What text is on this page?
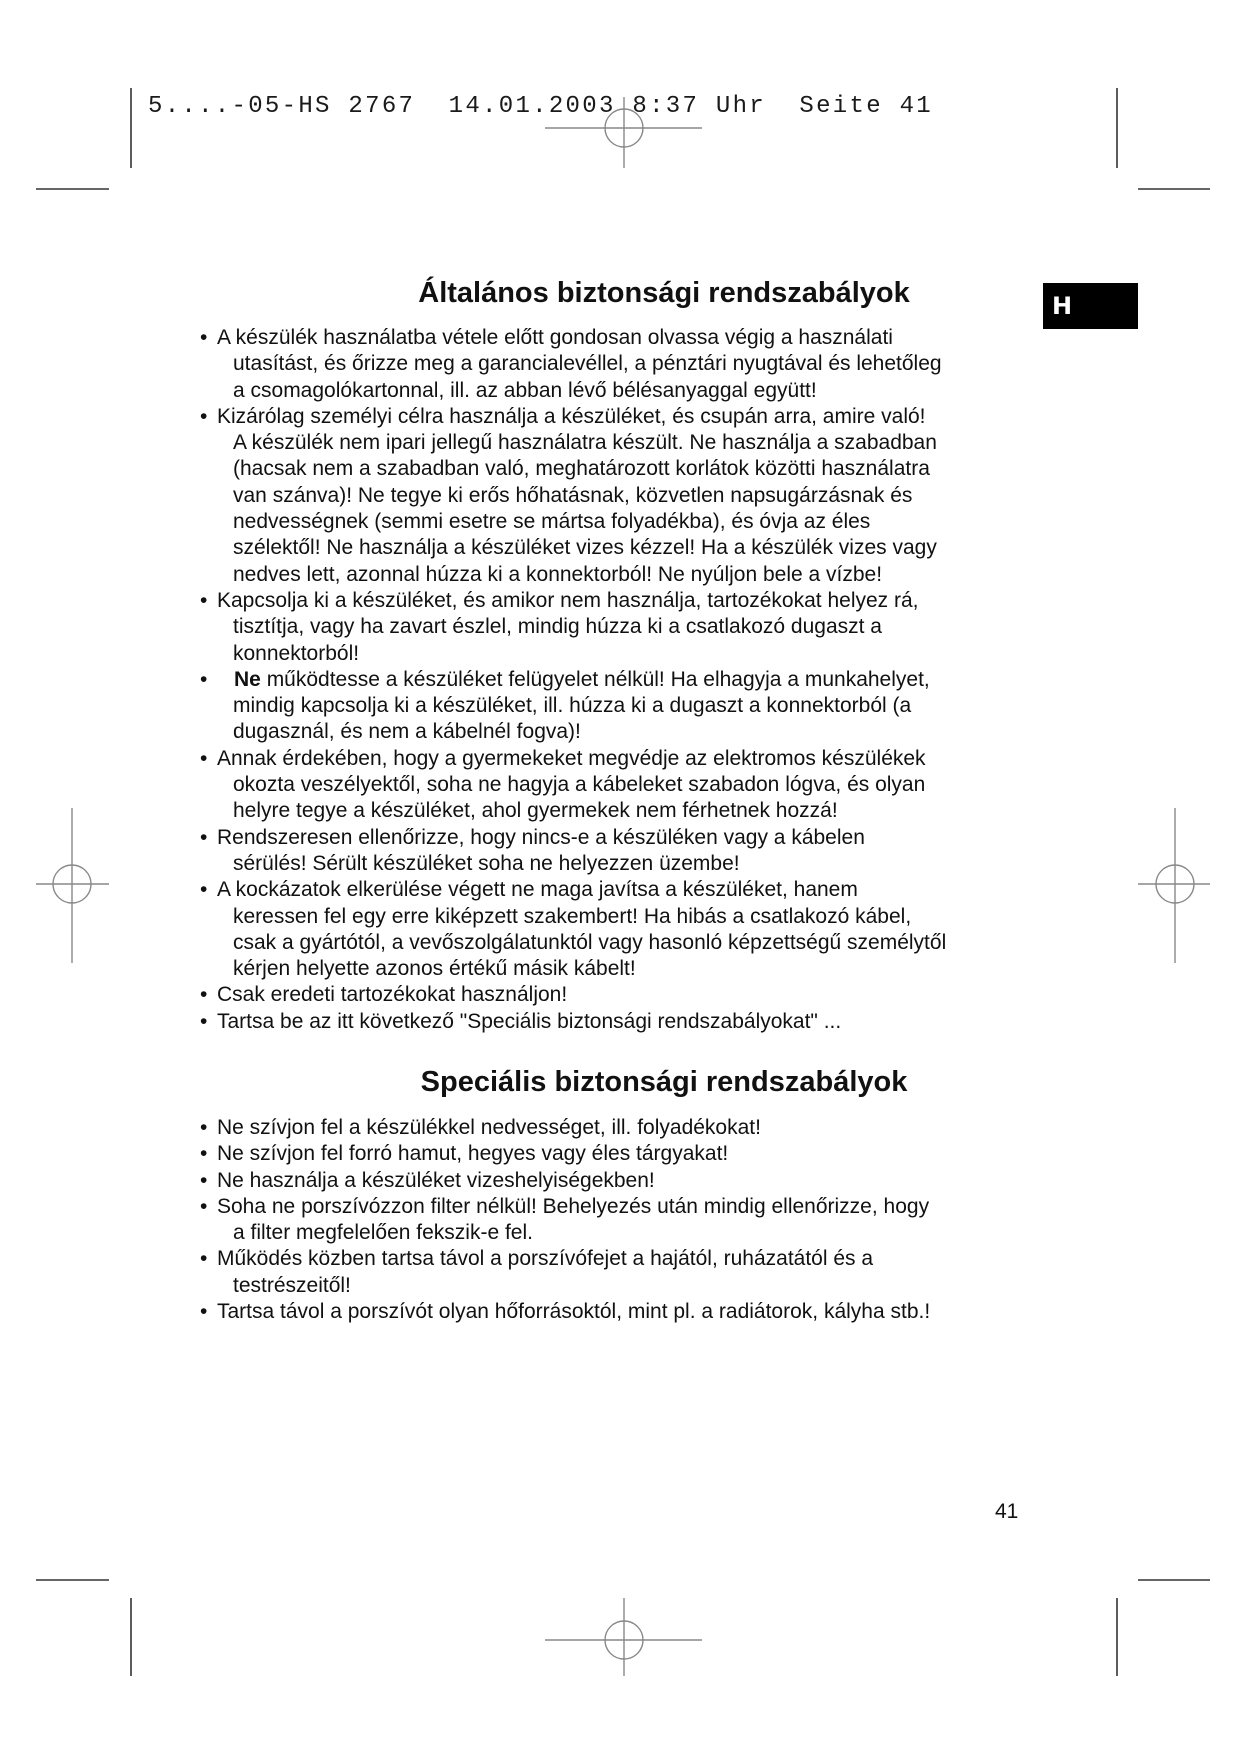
5....-05-HS 2767  14.01.2003 8:37 Uhr  Seite 41
H
Általános biztonsági rendszabályok
• A készülék használatba vétele előtt gondosan olvassa végig a használati
utasítást, és őrizze meg a garancialevéllel, a pénztári nyugtával és lehetőleg
a csomagolókartonnal, ill. az abban lévő bélésanyaggal együtt!
• Kizárólag személyi célra használja a készüléket, és csupán arra, amire való!
A készülék nem ipari jellegű használatra készült. Ne használja a szabadban
(hacsak nem a szabadban való, meghatározott korlátok közötti használatra
van szánva)! Ne tegye ki erős hőhatásnak, közvetlen napsugárzásnak és
nedvességnek (semmi esetre se mártsa folyadékba), és óvja az éles
szélektől! Ne használja a készüléket vizes kézzel! Ha a készülék vizes vagy
nedves lett, azonnal húzza ki a konnektorból! Ne nyúljon bele a vízbe!
• Kapcsolja ki a készüléket, és amikor nem használja, tartozékokat helyez rá,
tisztítja, vagy ha zavart észlel, mindig húzza ki a csatlakozó dugaszt a
konnektorból!
•	Ne működtesse a készüléket felügyelet nélkül! Ha elhagyja a munkahelyet,
mindig kapcsolja ki a készüléket, ill. húzza ki a dugaszt a konnektorból (a
dugasznál, és nem a kábelnél fogva)!
• Annak érdekében, hogy a gyermekeket megvédje az elektromos készülékek
okozta veszélyektől, soha ne hagyja a kábeleket szabadon lógva, és olyan
helyre tegye a készüléket, ahol gyermekek nem férhetnek hozzá!
• Rendszeresen ellenőrizze, hogy nincs-e a készüléken vagy a kábelen
sérülés! Sérült készüléket soha ne helyezzen üzembe!
• A kockázatok elkerülése végett ne maga javítsa a készüléket, hanem
keressen fel egy erre kiképzett szakembert! Ha hibás a csatlakozó kábel,
csak a gyártótól, a vevőszolgálatunktól vagy hasonló képzettségű személytől
kérjen helyette azonos értékű másik kábelt!
• Csak eredeti tartozékokat használjon!
• Tartsa be az itt következő "Speciális biztonsági rendszabályokat" ...
Speciális biztonsági rendszabályok
• Ne szívjon fel a készülékkel nedvességet, ill. folyadékokat!
• Ne szívjon fel forró hamut, hegyes vagy éles tárgyakat!
• Ne használja a készüléket vizeshelyiségekben!
• Soha ne porszívózzon filter nélkül! Behelyezés után mindig ellenőrizze, hogy
a filter megfelelően fekszik-e fel.
• Működés közben tartsa távol a porszívófejet a hajától, ruházatától és a
testrészeitől!
• Tartsa távol a porszívót olyan hőforrásoktól, mint pl. a radiátorok, kályha stb.!
41
